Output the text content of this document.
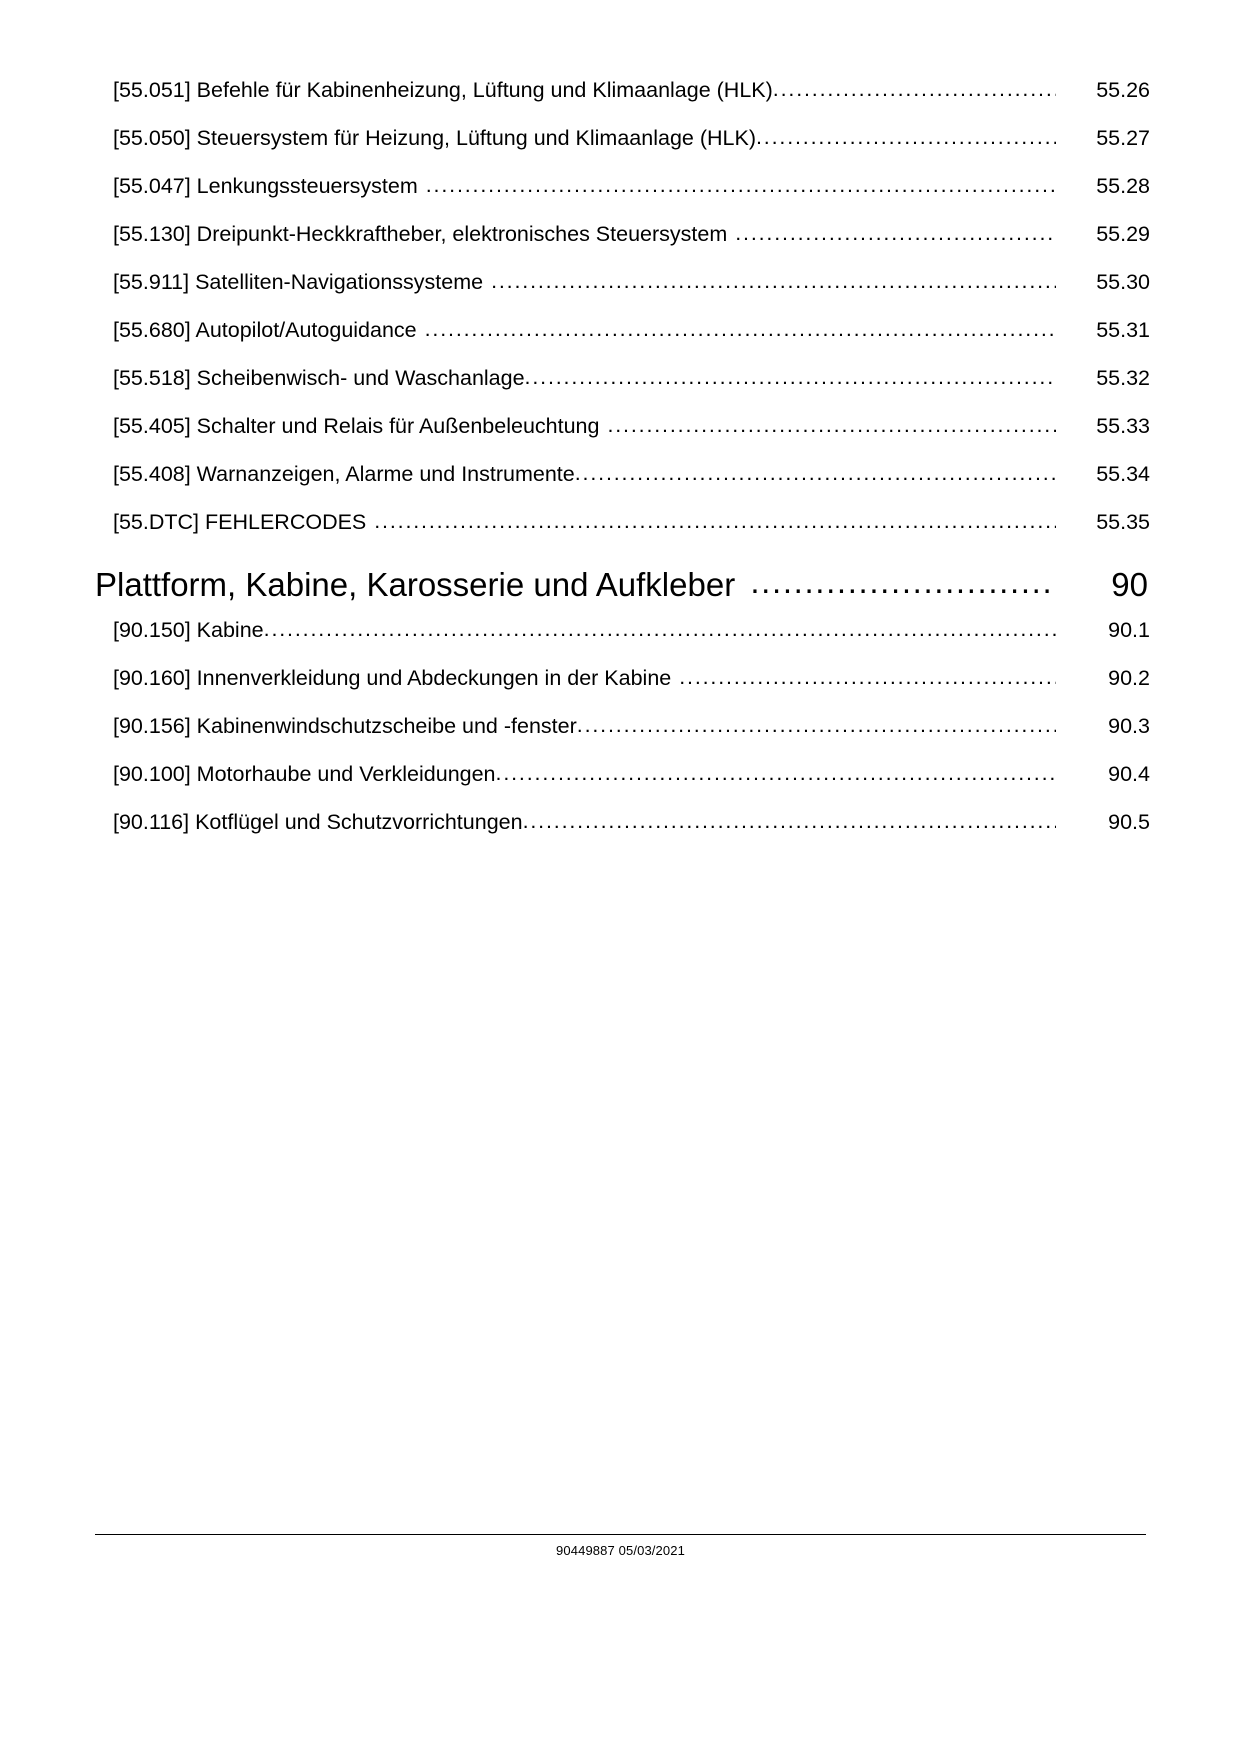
[55.051] Befehle für Kabinenheizung, Lüftung und Klimaanlage (HLK) .....	55.26
[55.050] Steuersystem für Heizung, Lüftung und Klimaanlage (HLK) .....	55.27
[55.047] Lenkungssteuersystem .....	55.28
[55.130] Dreipunkt-Heckkraftheber, elektronisches Steuersystem .....	55.29
[55.911] Satelliten-Navigationssysteme .....	55.30
[55.680] Autopilot/Autoguidance .....	55.31
[55.518] Scheibenwisch- und Waschanlage .....	55.32
[55.405] Schalter und Relais für Außenbeleuchtung .....	55.33
[55.408] Warnanzeigen, Alarme und Instrumente .....	55.34
[55.DTC] FEHLERCODES .....	55.35
Plattform, Kabine, Karosserie und Aufkleber .....	90
[90.150] Kabine .....	90.1
[90.160] Innenverkleidung und Abdeckungen in der Kabine .....	90.2
[90.156] Kabinenwindschutzscheibe und -fenster .....	90.3
[90.100] Motorhaube und Verkleidungen .....	90.4
[90.116] Kotflügel und Schutzvorrichtungen .....	90.5
90449887 05/03/2021
